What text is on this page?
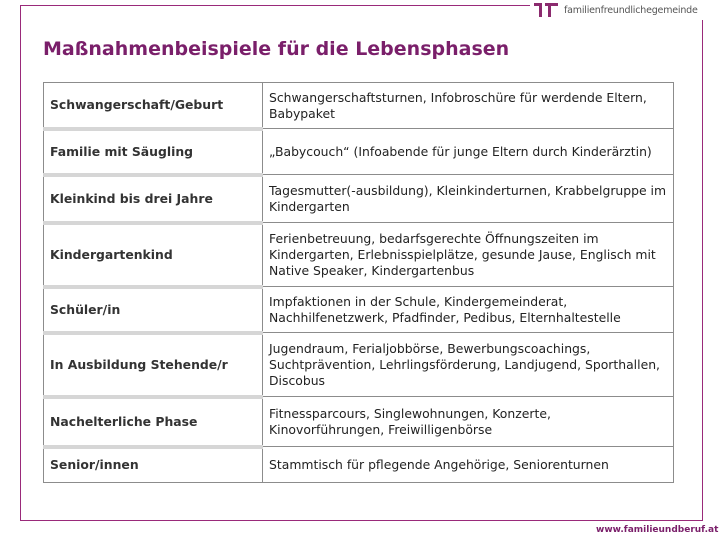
familienfreundlichegemeinde
Maßnahmenbeispiele für die Lebensphasen
Schwangerschaft/Geburt	Schwangerschaftsturnen, Infobroschüre für werdende Eltern, Babypaket
Familie mit Säugling	„Babycouch“ (Infoabende für junge Eltern durch Kinderärztin)
Kleinkind bis drei Jahre	Tagesmutter(-ausbildung), Kleinkinderturnen, Krabbelgruppe im Kindergarten
Kindergartenkind	Ferienbetreuung, bedarfsgerechte Öffnungszeiten im Kindergarten, Erlebnisspielplätze, gesunde Jause, Englisch mit Native Speaker, Kindergartenbus
Schüler/in	Impfaktionen in der Schule, Kindergemeinderat, Nachhilfenetzwerk, Pfadfinder, Pedibus, Elternhaltestelle
In Ausbildung Stehende/r	Jugendraum, Ferialjobbörse, Bewerbungscoachings, Suchtprävention, Lehrlingsförderung, Landjugend, Sporthallen, Discobus
Nachelterliche Phase	Fitnessparcours, Singlewohnungen, Konzerte, Kinovorführungen, Freiwilligenbörse
Senior/innen	Stammtisch für pflegende Angehörige, Seniorenturnen
www.familieundberuf.at
